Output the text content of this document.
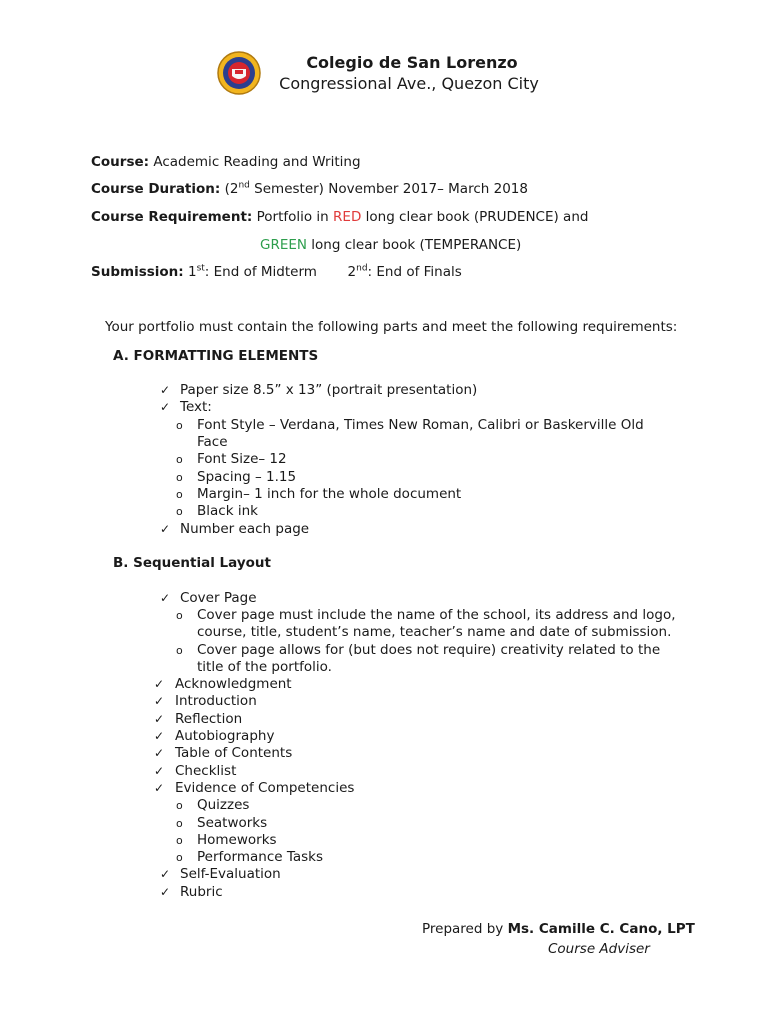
Colegio de San Lorenzo
Congressional Ave., Quezon City
Course: Academic Reading and Writing
Course Duration: (2nd Semester) November 2017– March 2018
Course Requirement: Portfolio in RED long clear book (PRUDENCE) and
GREEN long clear book (TEMPERANCE)
Submission: 1st: End of Midterm 2nd: End of Finals
Your portfolio must contain the following parts and meet the following requirements:
A. FORMATTING ELEMENTS
Paper size 8.5” x 13” (portrait presentation)
Text:
Font Style – Verdana, Times New Roman, Calibri or Baskerville Old
Face
Font Size– 12
Spacing – 1.15
Margin– 1 inch for the whole document
Black ink
Number each page
✓
✓
o
o
o
o
o
✓
B. Sequential Layout
Cover Page
Cover page must include the name of the school, its address and logo,
course, title, student’s name, teacher’s name and date of submission.
Cover page allows for (but does not require) creativity related to the
title of the portfolio.
Acknowledgment
Introduction
Reflection
Autobiography
Table of Contents
Checklist
Evidence of Competencies
Quizzes
Seatworks
Homeworks
Performance Tasks
Self-Evaluation
Rubric
✓
o
o
✓
✓
✓
✓
✓
✓
✓
o
o
o
o
✓
✓
Prepared by Ms. Camille C. Cano, LPT
Course Adviser
